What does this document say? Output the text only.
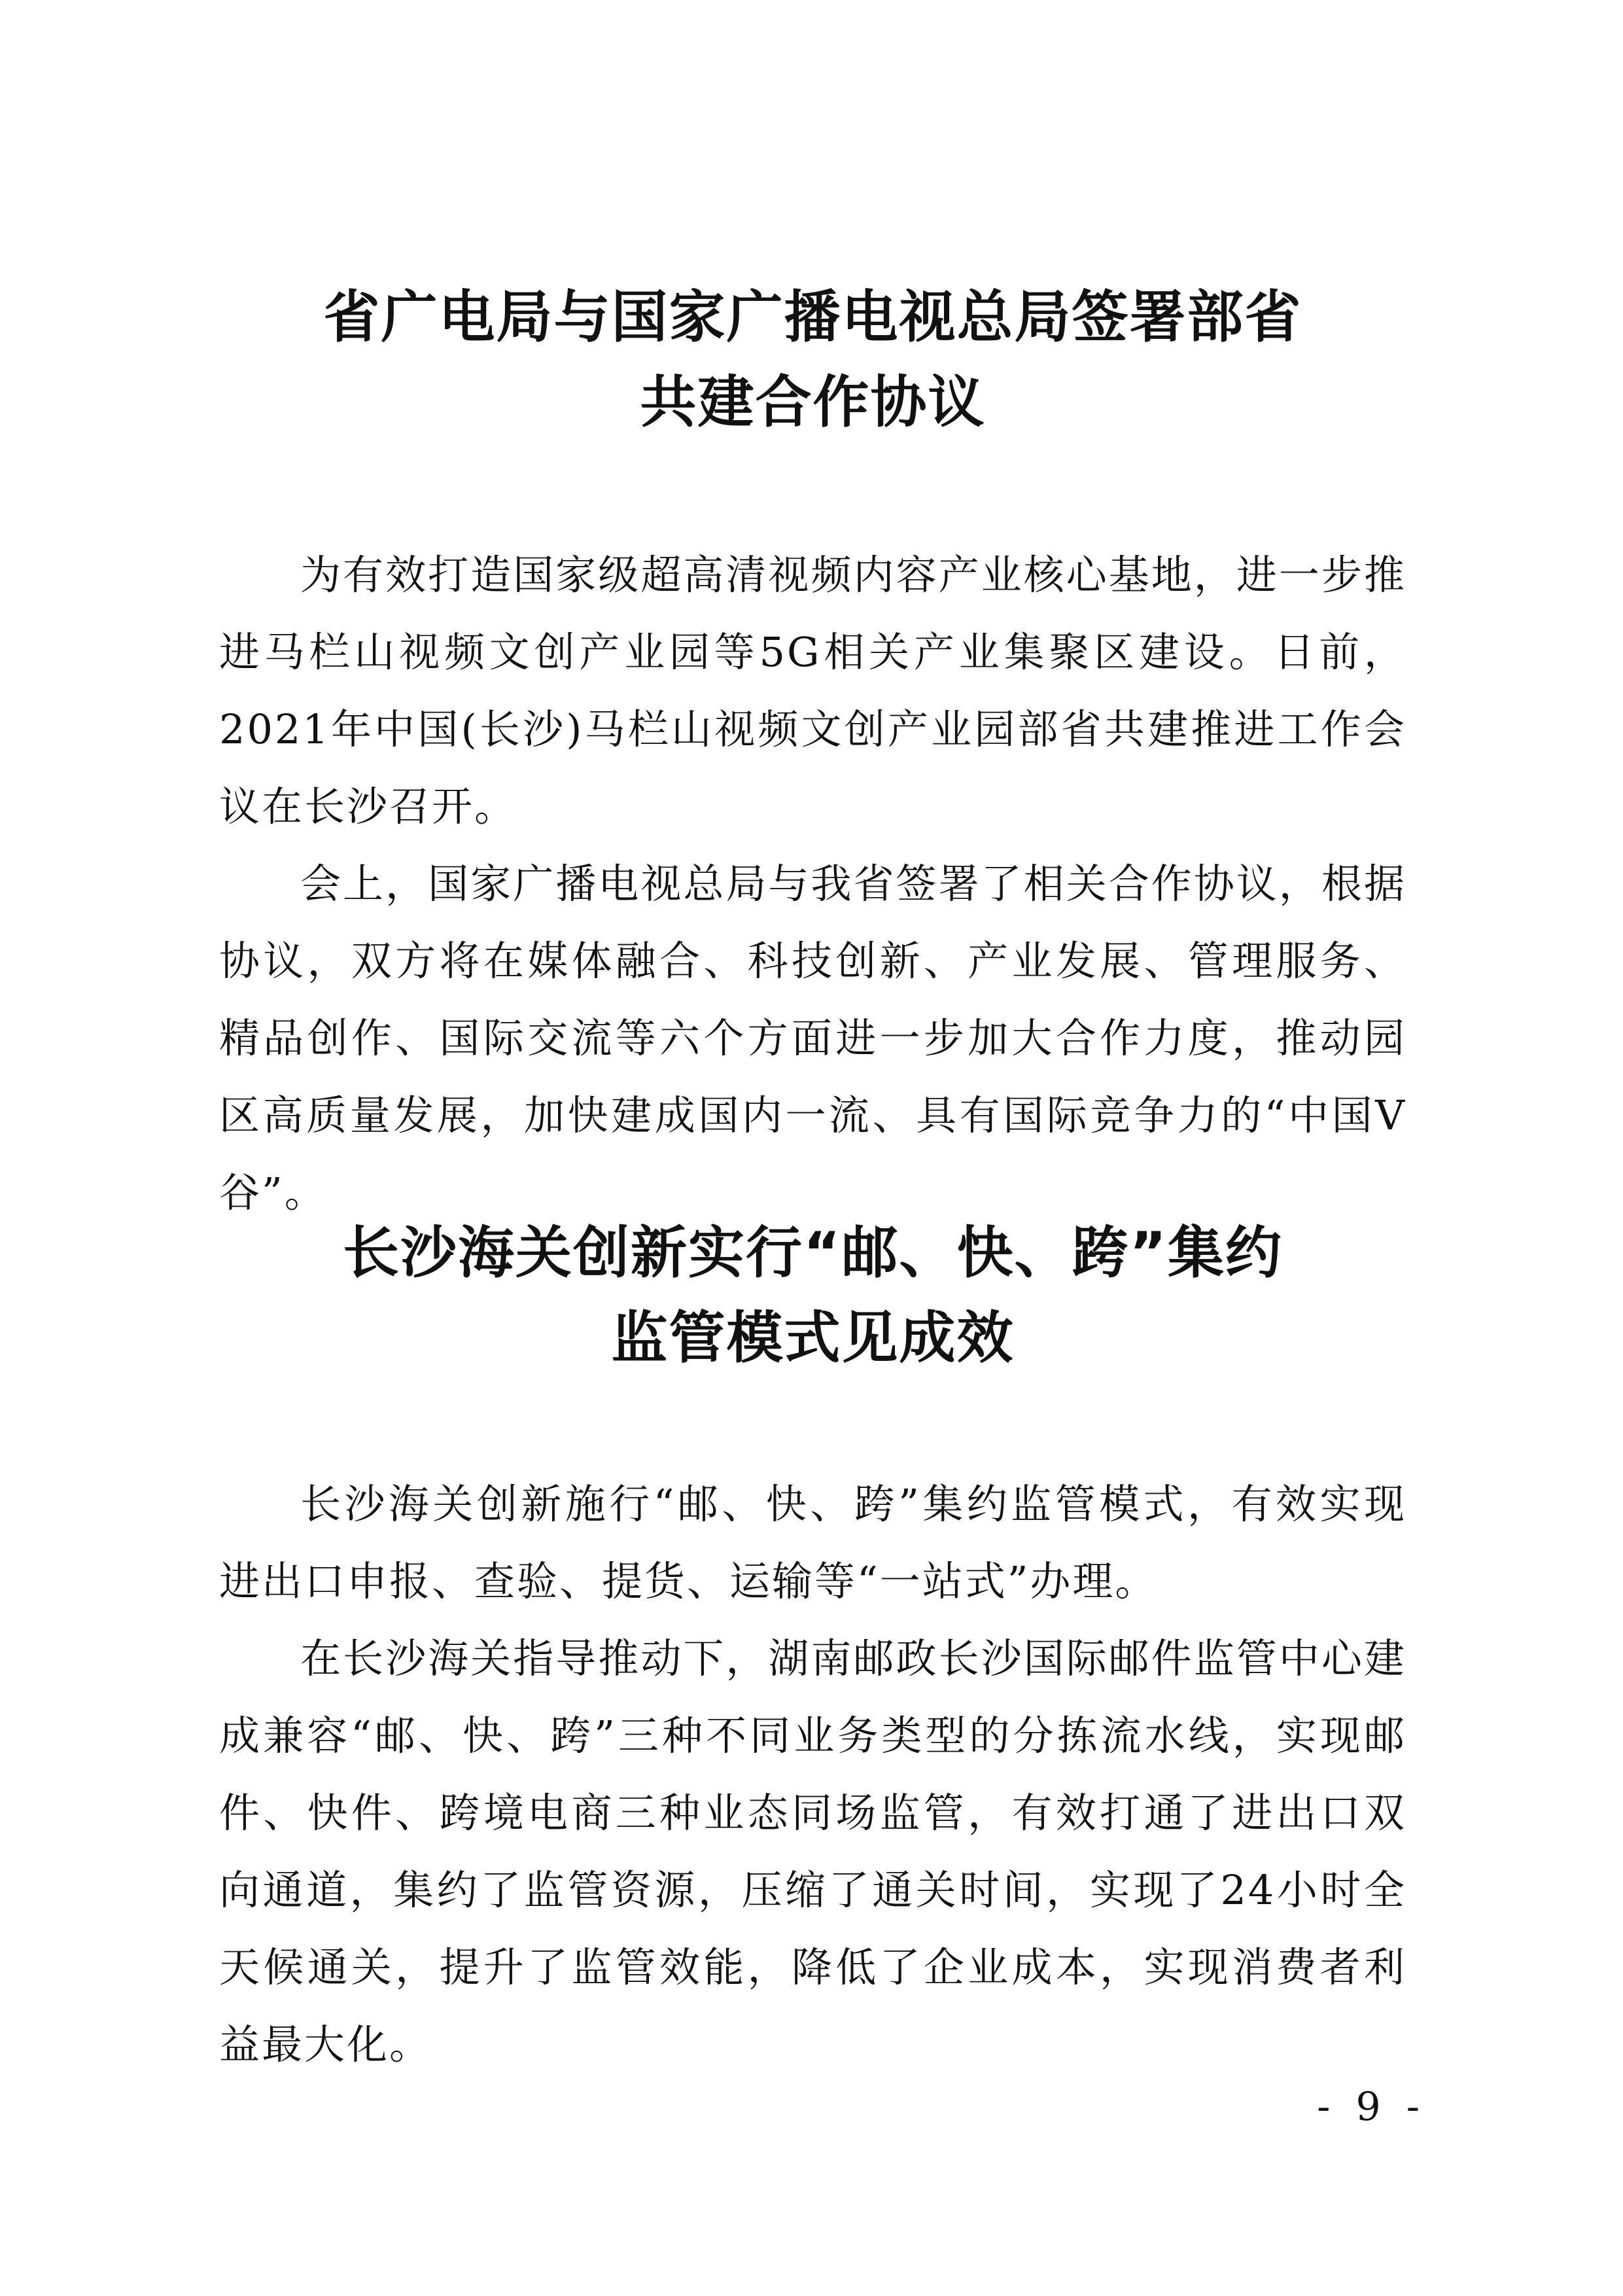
省广电局与国家广播电视总局签署部省
共建合作协议

为有效打造国家级超高清视频内容产业核心基地，进一步推进马栏山视频文创产业园等5G相关产业集聚区建设。日前，2021年中国(长沙)马栏山视频文创产业园部省共建推进工作会议在长沙召开。

会上，国家广播电视总局与我省签署了相关合作协议，根据协议，双方将在媒体融合、科技创新、产业发展、管理服务、精品创作、国际交流等六个方面进一步加大合作力度，推动园区高质量发展，加快建成国内一流、具有国际竞争力的“中国V谷”。

长沙海关创新实行“邮、快、跨”集约
监管模式见成效

长沙海关创新施行“邮、快、跨”集约监管模式，有效实现进出口申报、查验、提货、运输等“一站式”办理。

在长沙海关指导推动下，湖南邮政长沙国际邮件监管中心建成兼容“邮、快、跨”三种不同业务类型的分拣流水线，实现邮件、快件、跨境电商三种业态同场监管，有效打通了进出口双向通道，集约了监管资源，压缩了通关时间，实现了24小时全天候通关，提升了监管效能，降低了企业成本，实现消费者利益最大化。

- 9 -
